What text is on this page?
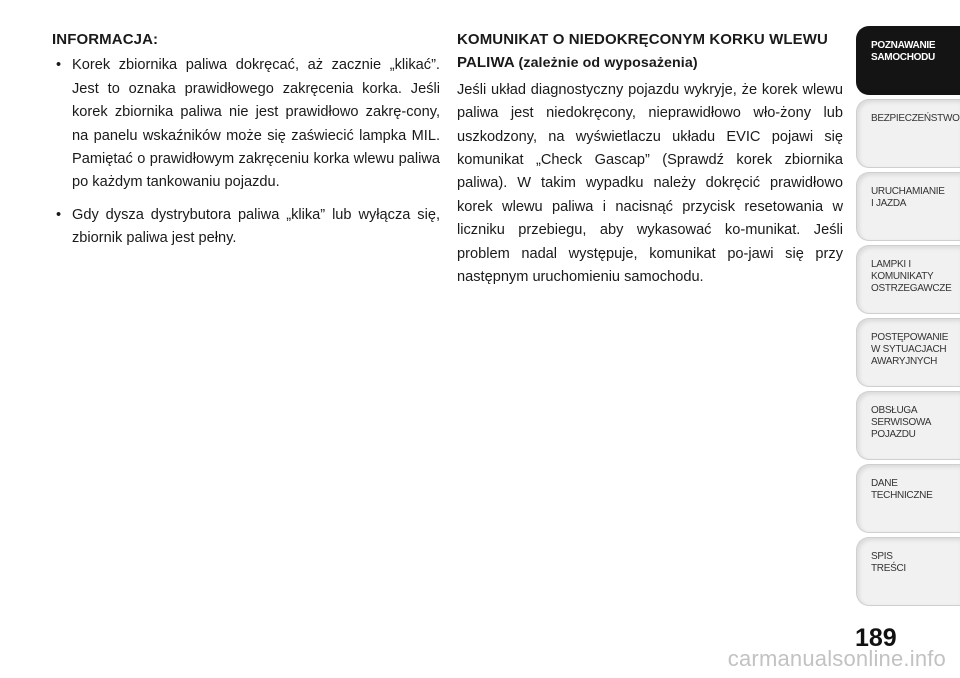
INFORMACJA:
• Korek zbiornika paliwa dokręcać, aż zacznie „klikać”. Jest to oznaka prawidłowego zakręcenia korka. Jeśli korek zbiornika paliwa nie jest prawidłowo zakrę-cony, na panelu wskaźników może się zaświecić lampka MIL. Pamiętać o prawidłowym zakręceniu korka wlewu paliwa po każdym tankowaniu pojazdu.
• Gdy dysza dystrybutora paliwa „klika” lub wyłącza się, zbiornik paliwa jest pełny.
KOMUNIKAT O NIEDOKRĘCONYM KORKU WLEWU PALIWA (zależnie od wyposażenia)

Jeśli układ diagnostyczny pojazdu wykryje, że korek wlewu paliwa jest niedokręcony, nieprawidłowo wło-żony lub uszkodzony, na wyświetlaczu układu EVIC pojawi się komunikat „Check Gascap” (Sprawdź korek zbiornika paliwa). W takim wypadku należy dokręcić prawidłowo korek wlewu paliwa i nacisnąć przycisk resetowania w liczniku przebiegu, aby wykasować ko-munikat. Jeśli problem nadal występuje, komunikat po-jawi się przy następnym uruchomieniu samochodu.

POZNAWANIE
SAMOCHODU
BEZPIECZEŃSTWO
URUCHAMIANIE
I JAZDA
LAMPKI I
KOMUNIKATY
OSTRZEGAWCZE
POSTĘPOWANIE
W SYTUACJACH
AWARYJNYCH
OBSŁUGA
SERWISOWA
POJAZDU
DANE
TECHNICZNE
SPIS
TREŚCI
189
carmanualsonline.info
